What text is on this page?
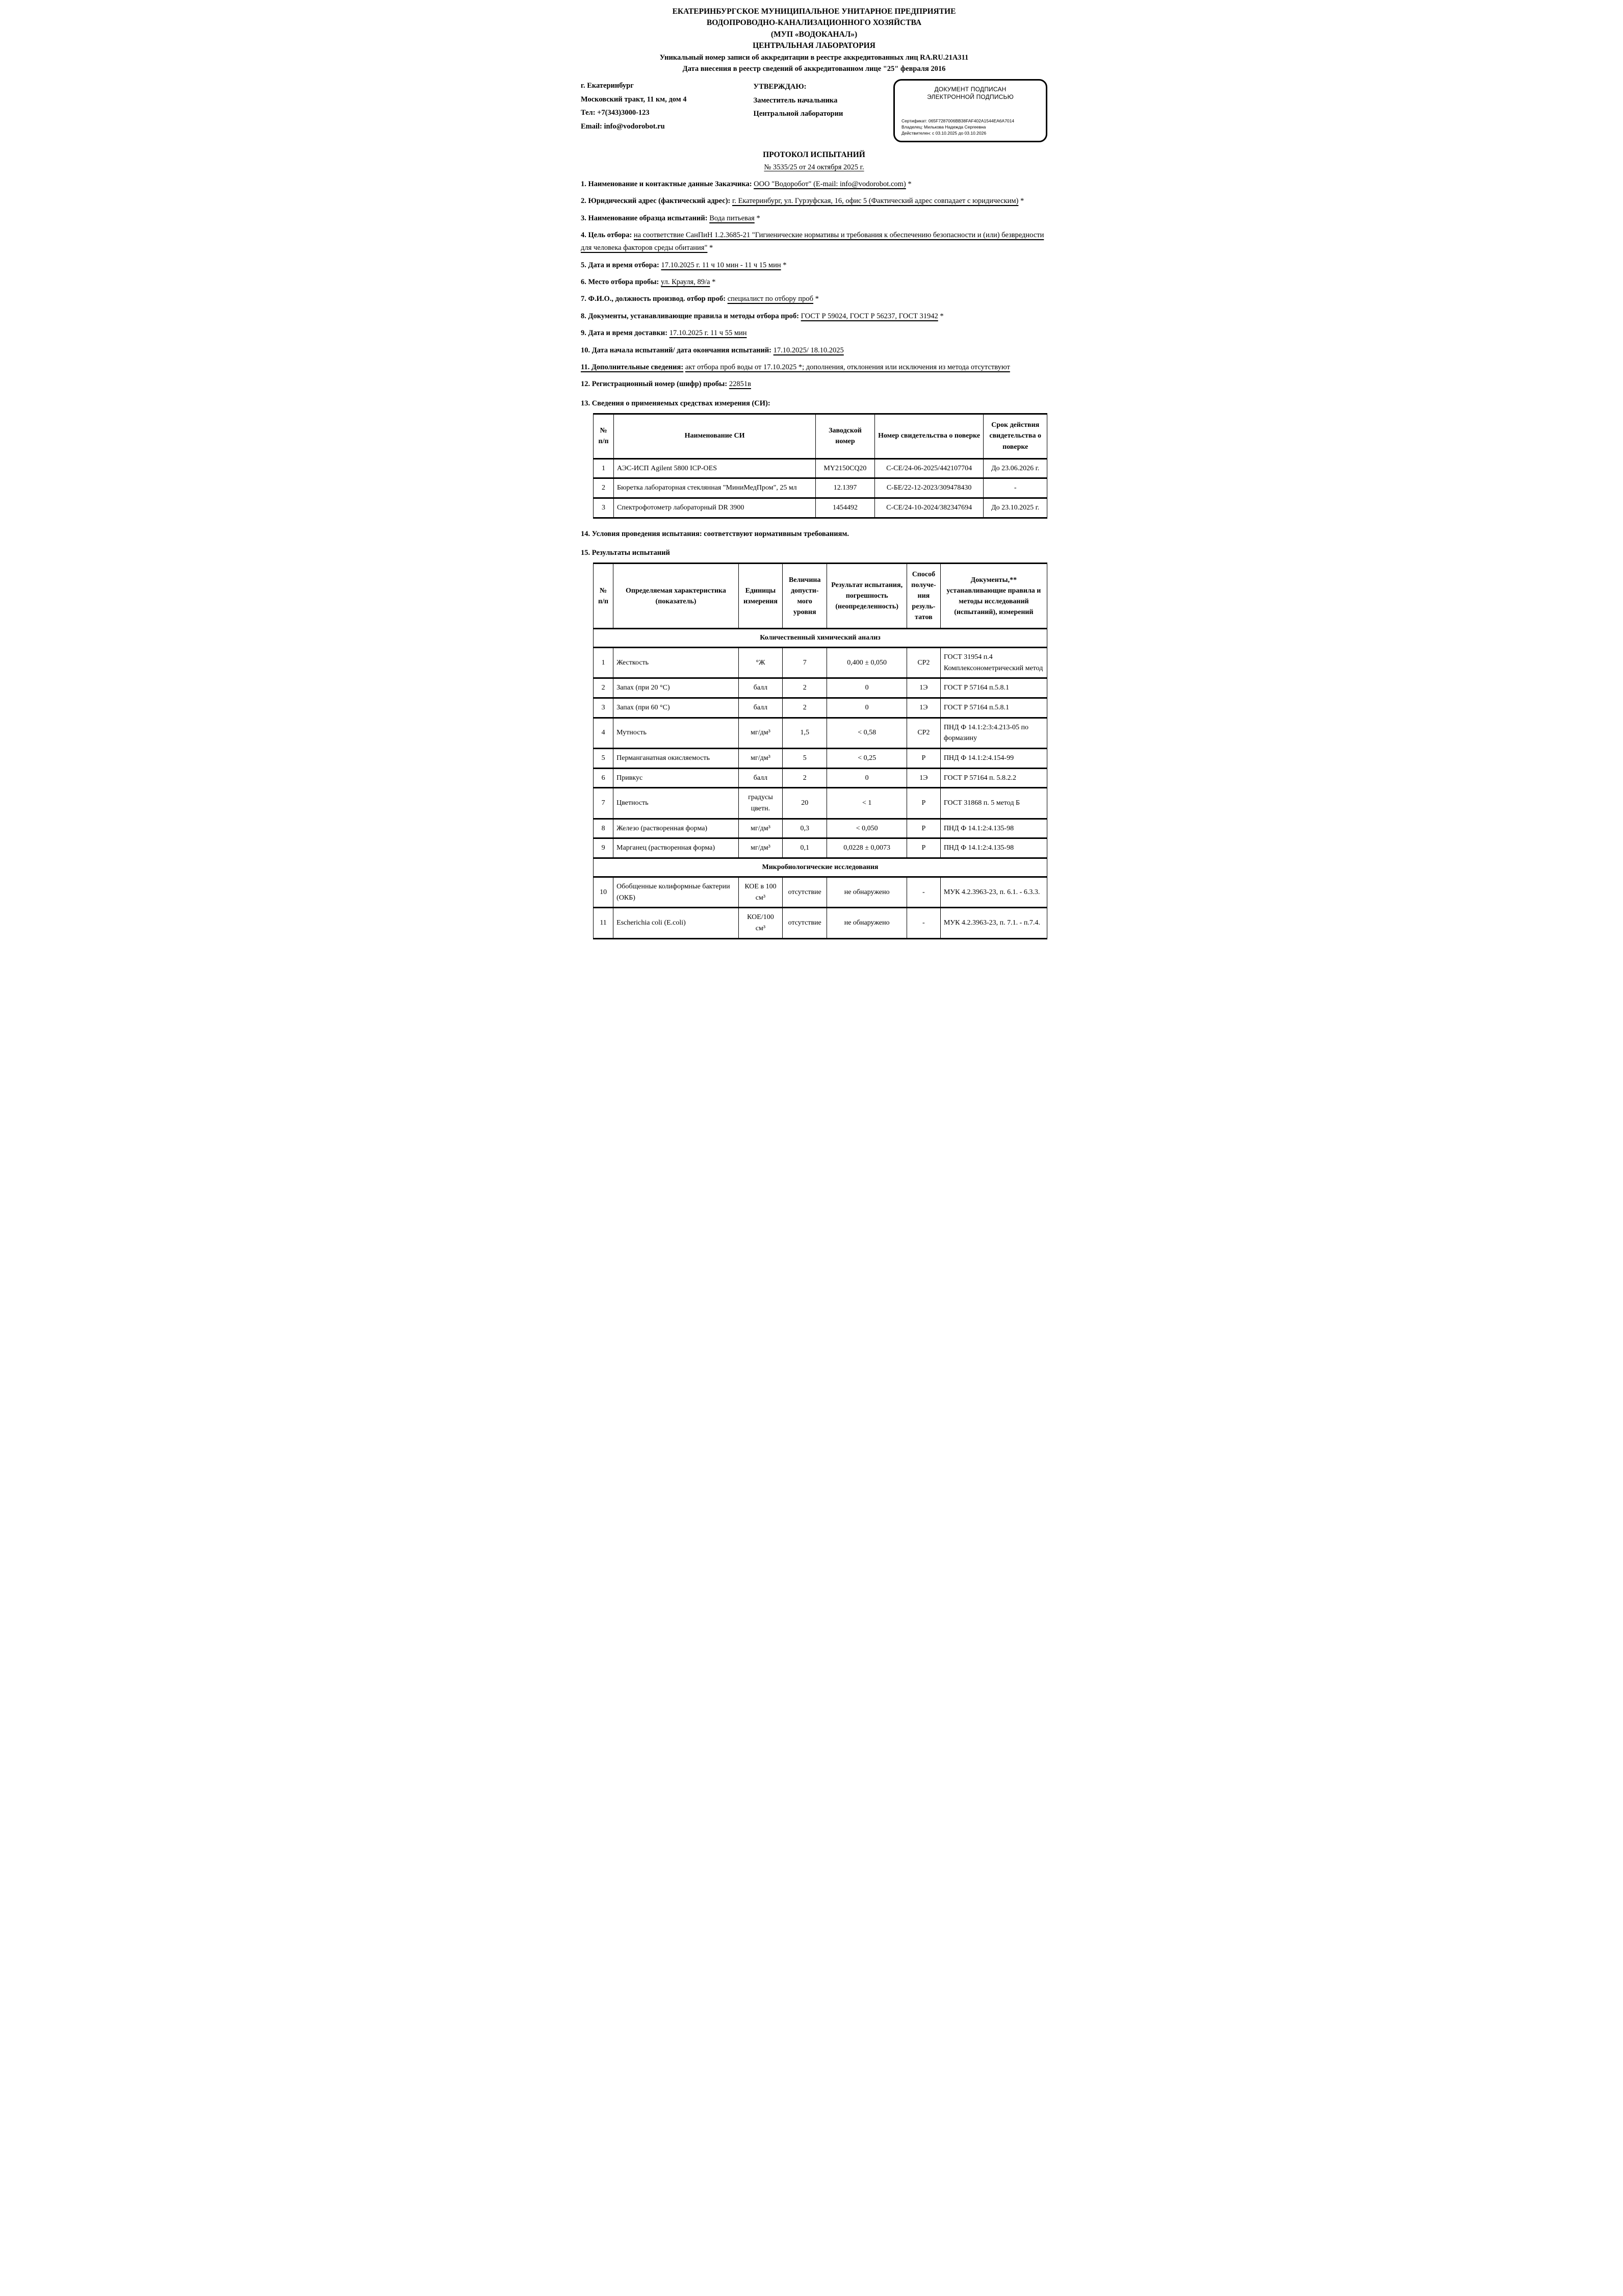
ЕКАТЕРИНБУРГСКОЕ МУНИЦИПАЛЬНОЕ УНИТАРНОЕ ПРЕДПРИЯТИЕ
ВОДОПРОВОДНО-КАНАЛИЗАЦИОННОГО ХОЗЯЙСТВА
(МУП «ВОДОКАНАЛ»)
ЦЕНТРАЛЬНАЯ ЛАБОРАТОРИЯ
Уникальный номер записи об аккредитации в реестре аккредитованных лиц RA.RU.21А311
Дата внесения в реестр сведений об аккредитованном лице "25" февраля 2016
г. Екатеринбург
Московский тракт, 11 км, дом 4
Тел: +7(343)3000-123
Email: info@vodorobot.ru
УТВЕРЖДАЮ:
Заместитель начальника
Центральной лаборатории
ДОКУМЕНТ ПОДПИСАН
ЭЛЕКТРОННОЙ ПОДПИСЬЮ
Сертификат: 065F7287006BB38FAF402A1544EA6A7014
Владелец: Милькова Надежда Сергеевна
Действителен: с 03.10.2025 до 03.10.2026
ПРОТОКОЛ ИСПЫТАНИЙ
№ 3535/25 от 24 октября 2025 г.

1. Наименование и контактные данные Заказчика: ООО "Водоробот" (E-mail: info@vodorobot.com) *

2. Юридический адрес (фактический адрес): г. Екатеринбург, ул. Гурзуфская, 16, офис 5 (Фактический адрес совпадает с юридическим) *

3. Наименование образца испытаний: Вода питьевая *

4. Цель отбора: на соответствие СанПиН 1.2.3685-21 "Гигиенические нормативы и требования к обеспечению безопасности и (или) безвредности для человека факторов среды обитания" *

5. Дата и время отбора: 17.10.2025 г. 11 ч 10 мин - 11 ч 15 мин *

6. Место отбора пробы: ул. Крауля, 89/а *

7. Ф.И.О., должность производ. отбор проб: специалист по отбору проб *

8. Документы, устанавливающие правила и методы отбора проб: ГОСТ Р 59024, ГОСТ Р 56237, ГОСТ 31942 *

9. Дата и время доставки: 17.10.2025 г. 11 ч 55 мин

10. Дата начала испытаний/ дата окончания испытаний: 17.10.2025/ 18.10.2025

11. Дополнительные сведения: акт отбора проб воды от 17.10.2025 *; дополнения, отклонения или исключения из метода отсутствуют

12. Регистрационный номер (шифр) пробы: 22851в

13. Сведения о применяемых средствах измерения (СИ):
№ п/п	Наименование СИ	Заводской номер	Номер свидетельства о поверке	Срок действия свидетельства о поверке
1	АЭС-ИСП Agilent 5800 ICP-OES	MY2150CQ20	C-CE/24-06-2025/442107704	До 23.06.2026 г.
2	Бюретка лабораторная стеклянная "МиниМедПром", 25 мл	12.1397	С-БЕ/22-12-2023/309478430	-
3	Спектрофотометр лабораторный DR 3900	1454492	C-CE/24-10-2024/382347694	До 23.10.2025 г.

14. Условия проведения испытания: соответствуют нормативным требованиям.

15. Результаты испытаний
№ п/п	Определяемая характеристика (показатель)	Единицы измерения	Величина допусти-мого уровня	Результат испытания, погрешность (неопределенность)	Способ получе-ния резуль-татов	Документы,** устанавливающие правила и методы исследований (испытаний), измерений
Количественный химический анализ						
1	Жесткость	°Ж	7	0,400 ± 0,050	СР2	ГОСТ 31954 п.4 Комплексонометрический метод
2	Запах (при 20 °С)	балл	2	0	1Э	ГОСТ Р 57164 п.5.8.1
3	Запах (при 60 °С)	балл	2	0	1Э	ГОСТ Р 57164 п.5.8.1
4	Мутность	мг/дм³	1,5	< 0,58	СР2	ПНД Ф 14.1:2:3:4.213-05 по формазину
5	Перманганатная окисляемость	мг/дм³	5	< 0,25	Р	ПНД Ф 14.1:2:4.154-99
6	Привкус	балл	2	0	1Э	ГОСТ Р 57164 п. 5.8.2.2
7	Цветность	градусы цветн.	20	< 1	Р	ГОСТ 31868 п. 5 метод Б
8	Железо (растворенная форма)	мг/дм³	0,3	< 0,050	Р	ПНД Ф 14.1:2:4.135-98
9	Марганец (растворенная форма)	мг/дм³	0,1	0,0228 ± 0,0073	Р	ПНД Ф 14.1:2:4.135-98
Микробиологические исследования						
10	Обобщенные колиформные бактерии (ОКБ)	КОЕ в 100 см³	отсутствие	не обнаружено	-	МУК 4.2.3963-23, п. 6.1. - 6.3.3.
11	Escherichia coli (E.coli)	КОЕ/100 см³	отсутствие	не обнаружено	-	МУК 4.2.3963-23, п. 7.1. - п.7.4.
